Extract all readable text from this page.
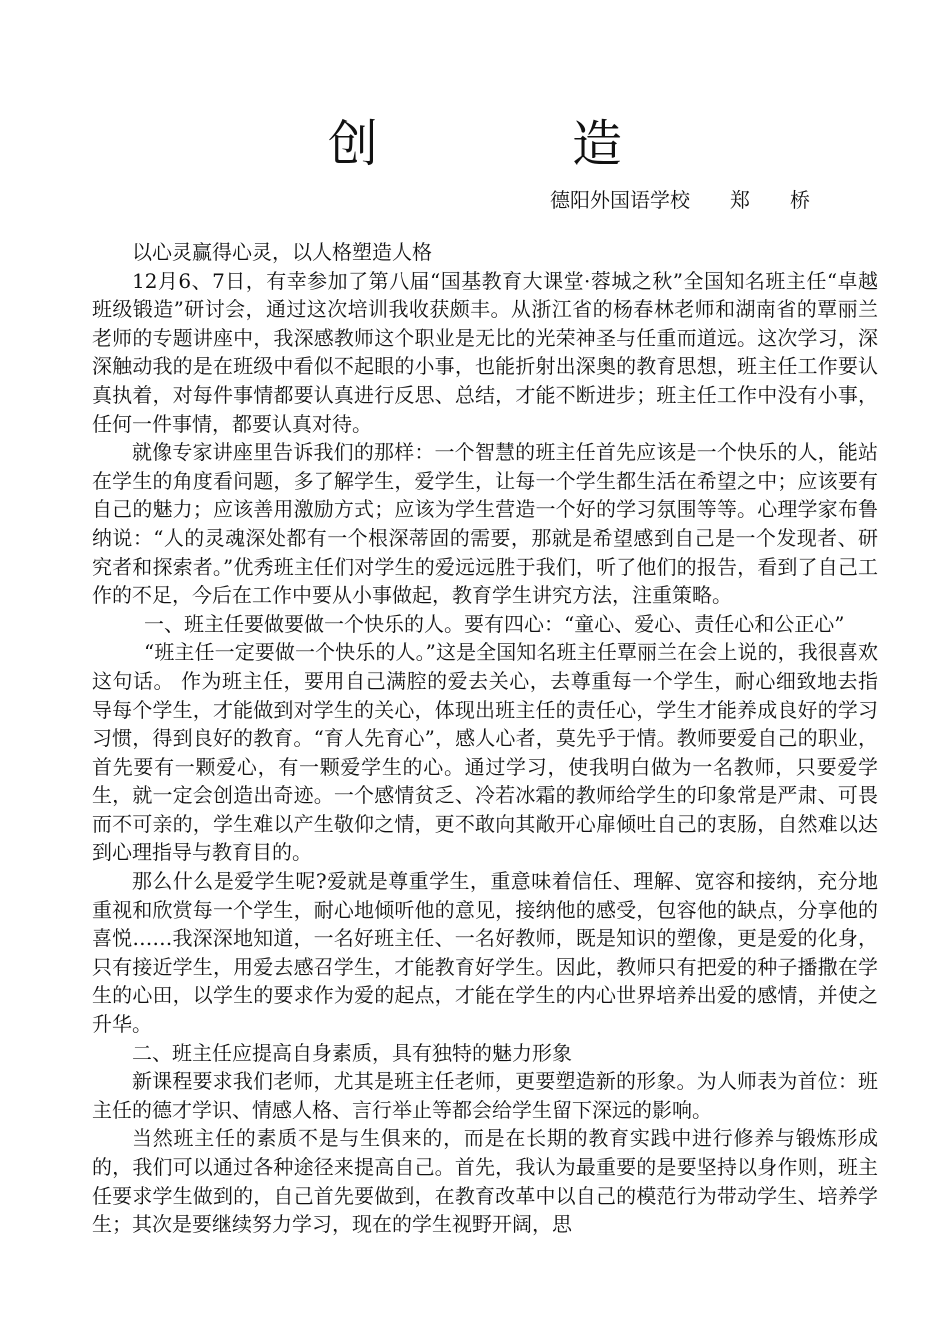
创　造
德阳外国语学校　　郑　　桥

以心灵赢得心灵，以人格塑造人格

12月6、7日，有幸参加了第八届“国基教育大课堂·蓉城之秋”全国知名班主任“卓越班级锻造”研讨会，通过这次培训我收获颇丰。从浙江省的杨春林老师和湖南省的覃丽兰老师的专题讲座中，我深感教师这个职业是无比的光荣神圣与任重而道远。这次学习，深深触动我的是在班级中看似不起眼的小事，也能折射出深奥的教育思想，班主任工作要认真执着，对每件事情都要认真进行反思、总结，才能不断进步；班主任工作中没有小事，任何一件事情，都要认真对待。

就像专家讲座里告诉我们的那样：一个智慧的班主任首先应该是一个快乐的人，能站在学生的角度看问题，多了解学生，爱学生，让每一个学生都生活在希望之中；应该要有自己的魅力；应该善用激励方式；应该为学生营造一个好的学习氛围等等。心理学家布鲁纳说：“人的灵魂深处都有一个根深蒂固的需要，那就是希望感到自己是一个发现者、研究者和探索者。”优秀班主任们对学生的爱远远胜于我们，听了他们的报告，看到了自己工作的不足，今后在工作中要从小事做起，教育学生讲究方法，注重策略。

一、班主任要做要做一个快乐的人。要有四心：“童心、爱心、责任心和公正心”

“班主任一定要做一个快乐的人。”这是全国知名班主任覃丽兰在会上说的，我很喜欢这句话。 作为班主任，要用自己满腔的爱去关心，去尊重每一个学生，耐心细致地去指导每个学生，才能做到对学生的关心，体现出班主任的责任心，学生才能养成良好的学习习惯，得到良好的教育。“育人先育心”，感人心者，莫先乎于情。教师要爱自己的职业，首先要有一颗爱心，有一颗爱学生的心。通过学习，使我明白做为一名教师，只要爱学生，就一定会创造出奇迹。一个感情贫乏、冷若冰霜的教师给学生的印象常是严肃、可畏而不可亲的，学生难以产生敬仰之情，更不敢向其敞开心扉倾吐自己的衷肠，自然难以达到心理指导与教育目的。

那么什么是爱学生呢?爱就是尊重学生，重意味着信任、理解、宽容和接纳，充分地重视和欣赏每一个学生，耐心地倾听他的意见，接纳他的感受，包容他的缺点，分享他的喜悦……我深深地知道，一名好班主任、一名好教师，既是知识的塑像，更是爱的化身，只有接近学生，用爱去感召学生，才能教育好学生。因此，教师只有把爱的种子播撒在学生的心田，以学生的要求作为爱的起点，才能在学生的内心世界培养出爱的感情，并使之升华。

二、班主任应提高自身素质，具有独特的魅力形象

新课程要求我们老师，尤其是班主任老师，更要塑造新的形象。为人师表为首位：班主任的德才学识、情感人格、言行举止等都会给学生留下深远的影响。

当然班主任的素质不是与生俱来的，而是在长期的教育实践中进行修养与锻炼形成的，我们可以通过各种途径来提高自己。首先，我认为最重要的是要坚持以身作则，班主任要求学生做到的，自己首先要做到，在教育改革中以自己的模范行为带动学生、培养学生；其次是要继续努力学习，现在的学生视野开阔，思
